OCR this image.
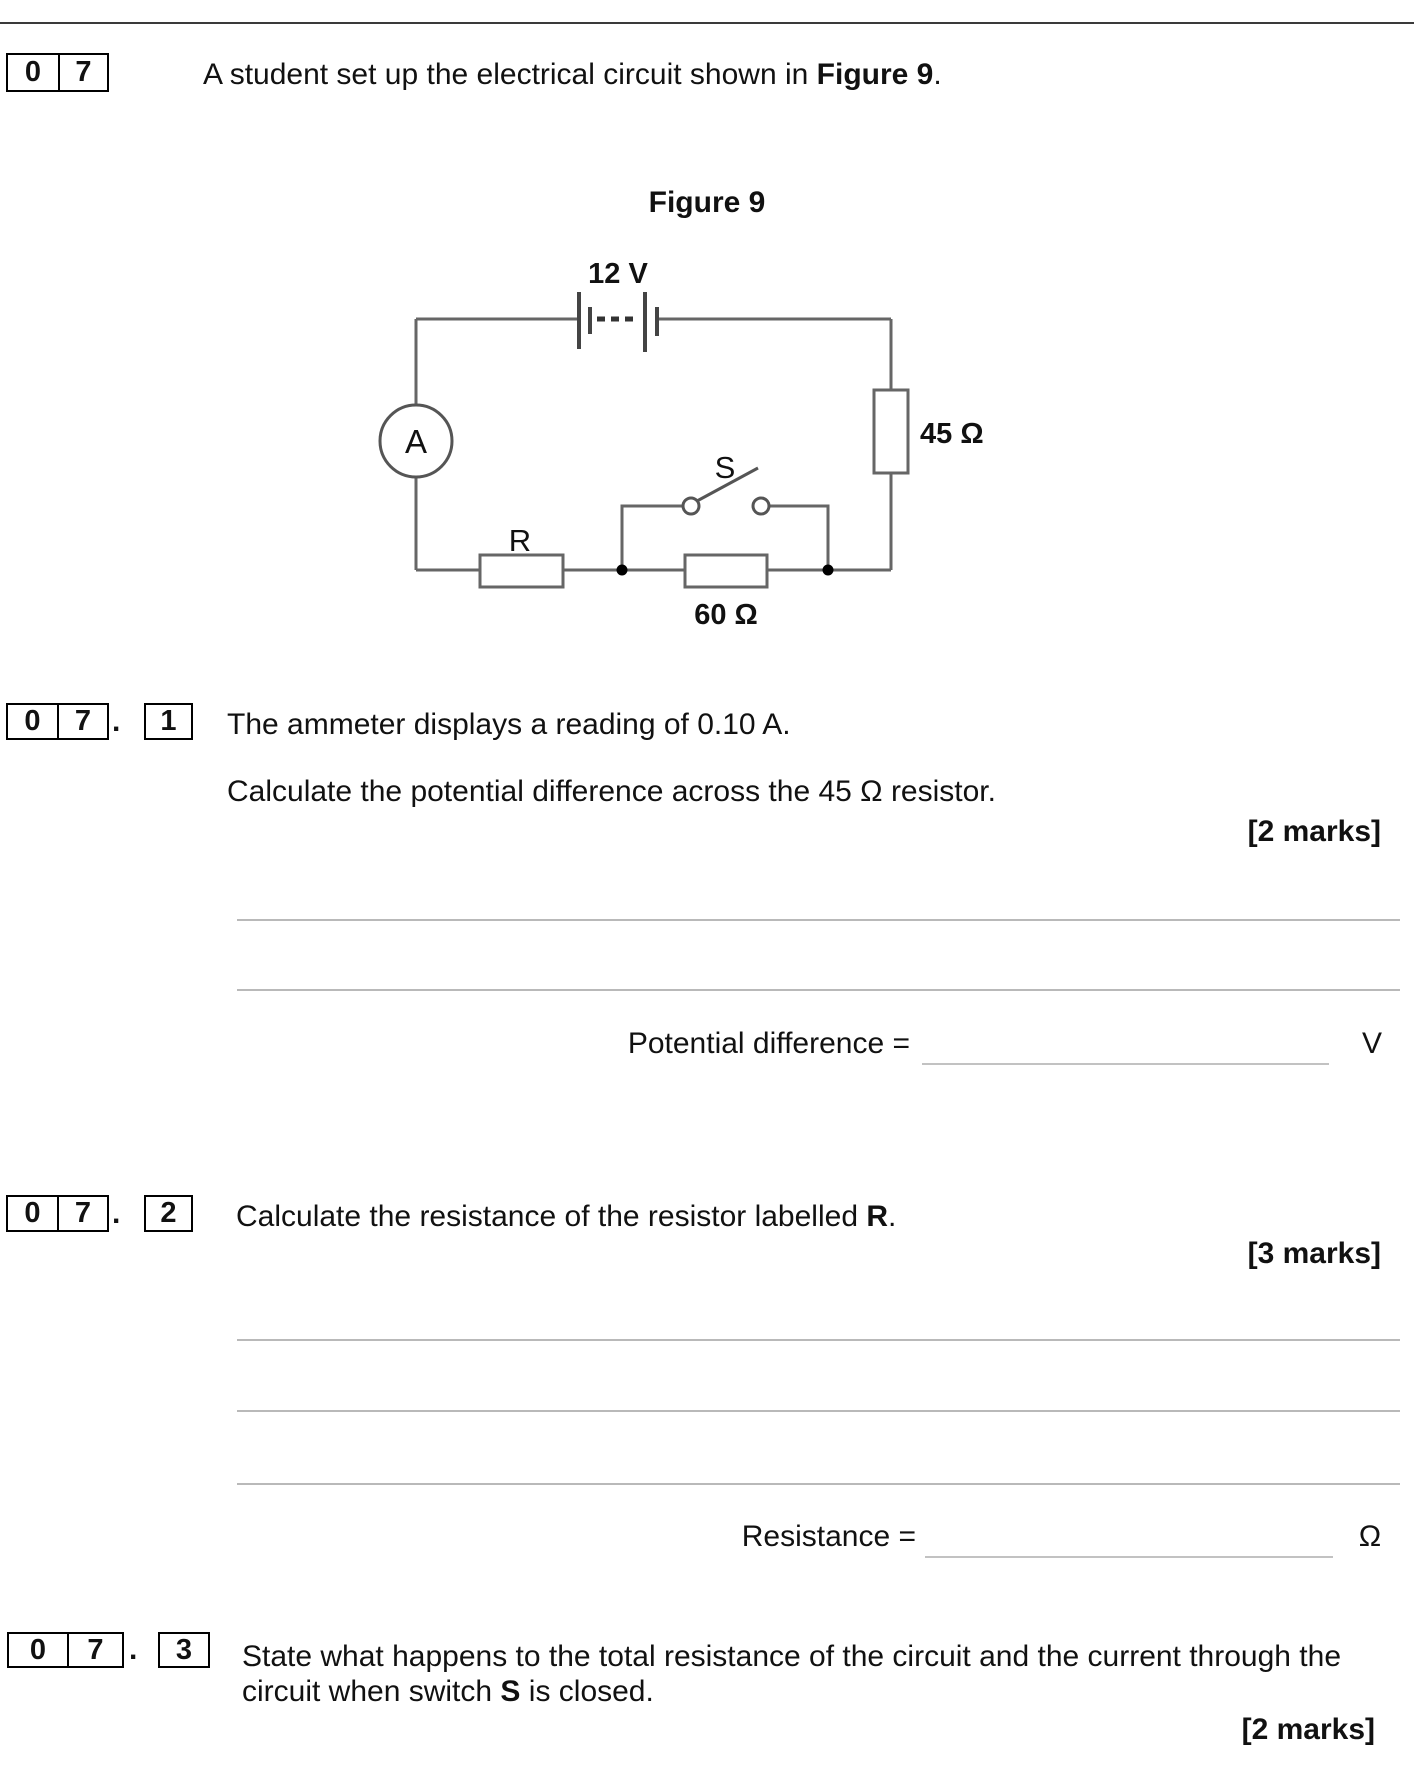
0	7	A student set up the electrical circuit shown in Figure 9.
Figure 9
12 V
A
R
S
60 Ω
45 Ω
0	7 .	1	The ammeter displays a reading of 0.10 A.
Calculate the potential difference across the 45 Ω resistor.
[2 marks]
Potential difference =	V
0	7 .	2	Calculate the resistance of the resistor labelled R.
[3 marks]
Resistance =	Ω
0	7 .	3	State what happens to the total resistance of the circuit and the current through the
circuit when switch S is closed.
[2 marks]
